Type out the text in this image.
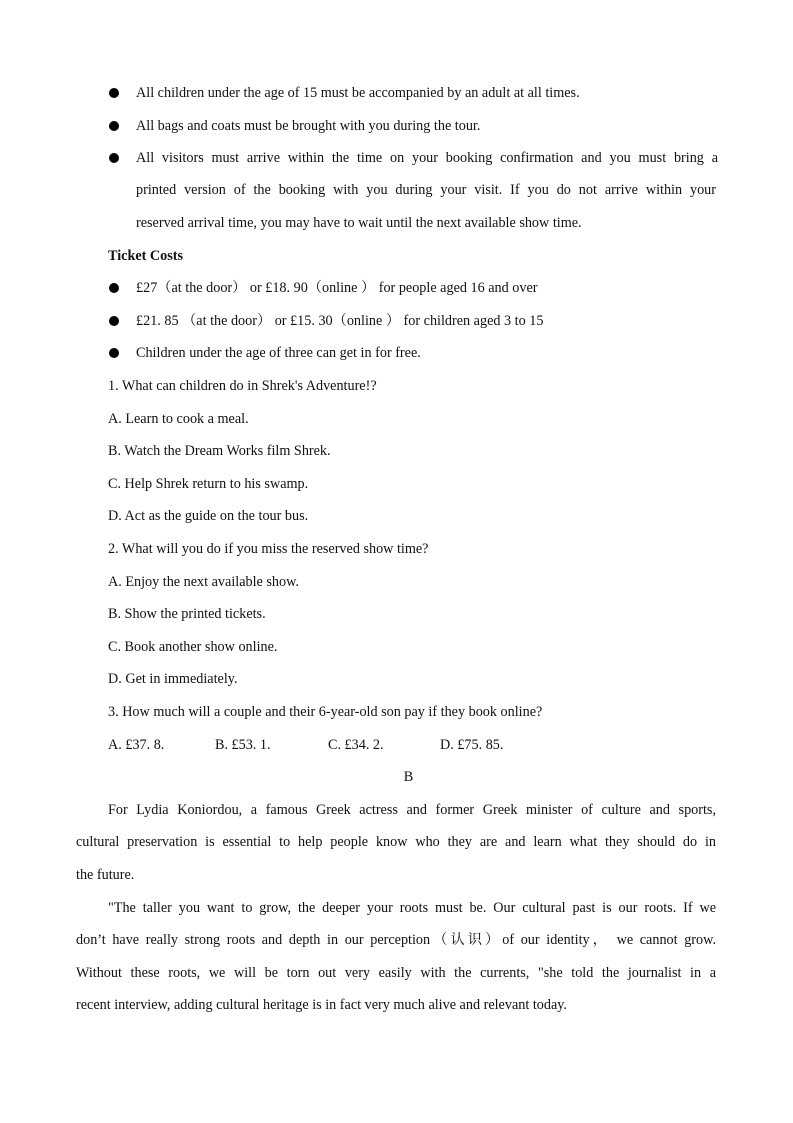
All children under the age of 15 must be accompanied by an adult at all times.
All bags and coats must be brought with you during the tour.
All visitors must arrive within the time on your booking confirmation and you must bring a
printed version of the booking with you during your visit. If you do not arrive within your
reserved arrival time, you may have to wait until the next available show time.
Ticket Costs
£27（at the door） or £18. 90（online ） for people aged 16 and over
£21. 85 （at the door） or £15. 30（online ） for children aged 3 to 15
Children under the age of three can get in for free.
1. What can children do in Shrek's Adventure!?
A. Learn to cook a meal.
B. Watch the Dream Works film Shrek.
C. Help Shrek return to his swamp.
D. Act as the guide on the tour bus.
2. What will you do if you miss the reserved show time?
A. Enjoy the next available show.
B. Show the printed tickets.
C. Book another show online.
D. Get in immediately.
3. How much will a couple and their 6-year-old son pay if they book online?
A. £37. 8.	B. £53. 1.	C. £34. 2.	D. £75. 85.
B
For Lydia Koniordou, a famous Greek actress and former Greek minister of culture and sports,
cultural preservation is essential to help people know who they are and learn what they should do in
the future.
"The taller you want to grow, the deeper your roots must be. Our cultural past is our roots. If we
don’t have really strong roots and depth in our perception（认识）of our identity， we cannot grow.
Without these roots, we will be torn out very easily with the currents, "she told the journalist in a
recent interview, adding cultural heritage is in fact very much alive and relevant today.
